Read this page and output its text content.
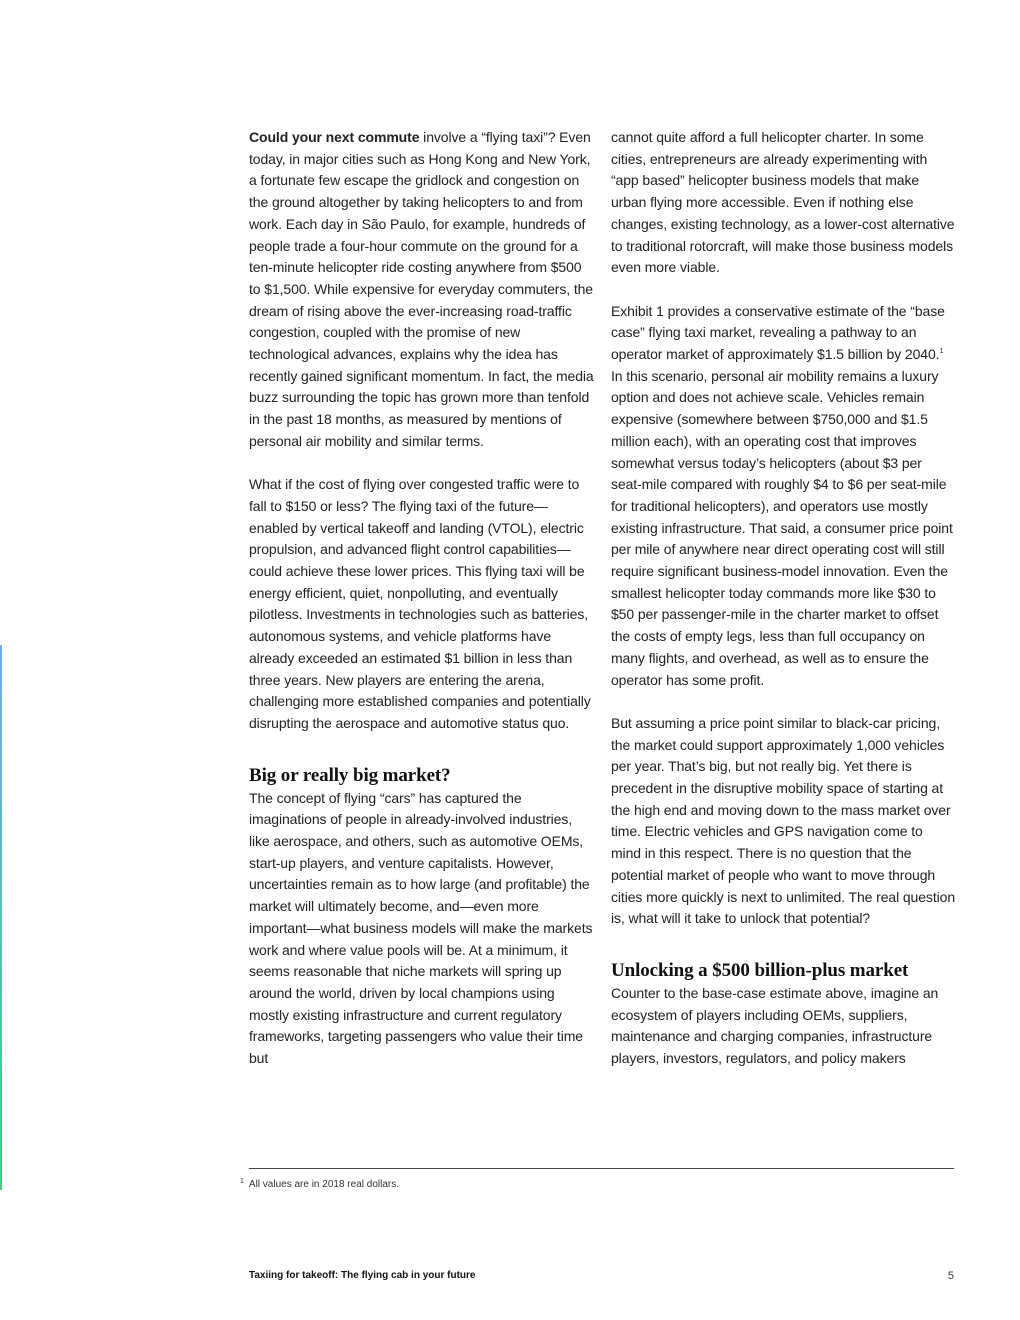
Could your next commute involve a “flying taxi”? Even today, in major cities such as Hong Kong and New York, a fortunate few escape the gridlock and congestion on the ground altogether by taking helicopters to and from work. Each day in São Paulo, for example, hundreds of people trade a four-hour commute on the ground for a ten-minute helicopter ride costing anywhere from $500 to $1,500. While expensive for everyday commuters, the dream of rising above the ever-increasing road-traffic congestion, coupled with the promise of new technological advances, explains why the idea has recently gained significant momentum. In fact, the media buzz surrounding the topic has grown more than tenfold in the past 18 months, as measured by mentions of personal air mobility and similar terms.

What if the cost of flying over congested traffic were to fall to $150 or less? The flying taxi of the future—enabled by vertical takeoff and landing (VTOL), electric propulsion, and advanced flight control capabilities—could achieve these lower prices. This flying taxi will be energy efficient, quiet, nonpolluting, and eventually pilotless. Investments in technologies such as batteries, autonomous systems, and vehicle platforms have already exceeded an estimated $1 billion in less than three years. New players are entering the arena, challenging more established companies and potentially disrupting the aerospace and automotive status quo.

Big or really big market?

The concept of flying “cars” has captured the imaginations of people in already-involved industries, like aerospace, and others, such as automotive OEMs, start-up players, and venture capitalists. However, uncertainties remain as to how large (and profitable) the market will ultimately become, and—even more important—what business models will make the markets work and where value pools will be. At a minimum, it seems reasonable that niche markets will spring up around the world, driven by local champions using mostly existing infrastructure and current regulatory frameworks, targeting passengers who value their time but

cannot quite afford a full helicopter charter. In some cities, entrepreneurs are already experimenting with “app based” helicopter business models that make urban flying more accessible. Even if nothing else changes, existing technology, as a lower-cost alternative to traditional rotorcraft, will make those business models even more viable.

Exhibit 1 provides a conservative estimate of the “base case” flying taxi market, revealing a pathway to an operator market of approximately $1.5 billion by 2040.$^1$ In this scenario, personal air mobility remains a luxury option and does not achieve scale. Vehicles remain expensive (somewhere between $750,000 and $1.5 million each), with an operating cost that improves somewhat versus today’s helicopters (about $3 per seat-mile compared with roughly $4 to $6 per seat-mile for traditional helicopters), and operators use mostly existing infrastructure. That said, a consumer price point per mile of anywhere near direct operating cost will still require significant business-model innovation. Even the smallest helicopter today commands more like $30 to $50 per passenger-mile in the charter market to offset the costs of empty legs, less than full occupancy on many flights, and overhead, as well as to ensure the operator has some profit.

But assuming a price point similar to black-car pricing, the market could support approximately 1,000 vehicles per year. That’s big, but not really big. Yet there is precedent in the disruptive mobility space of starting at the high end and moving down to the mass market over time. Electric vehicles and GPS navigation come to mind in this respect. There is no question that the potential market of people who want to move through cities more quickly is next to unlimited. The real question is, what will it take to unlock that potential?

Unlocking a $500 billion-plus market

Counter to the base-case estimate above, imagine an ecosystem of players including OEMs, suppliers, maintenance and charging companies, infrastructure players, investors, regulators, and policy makers

$^1$ All values are in 2018 real dollars.
Taxiing for takeoff: The flying cab in your future	5
